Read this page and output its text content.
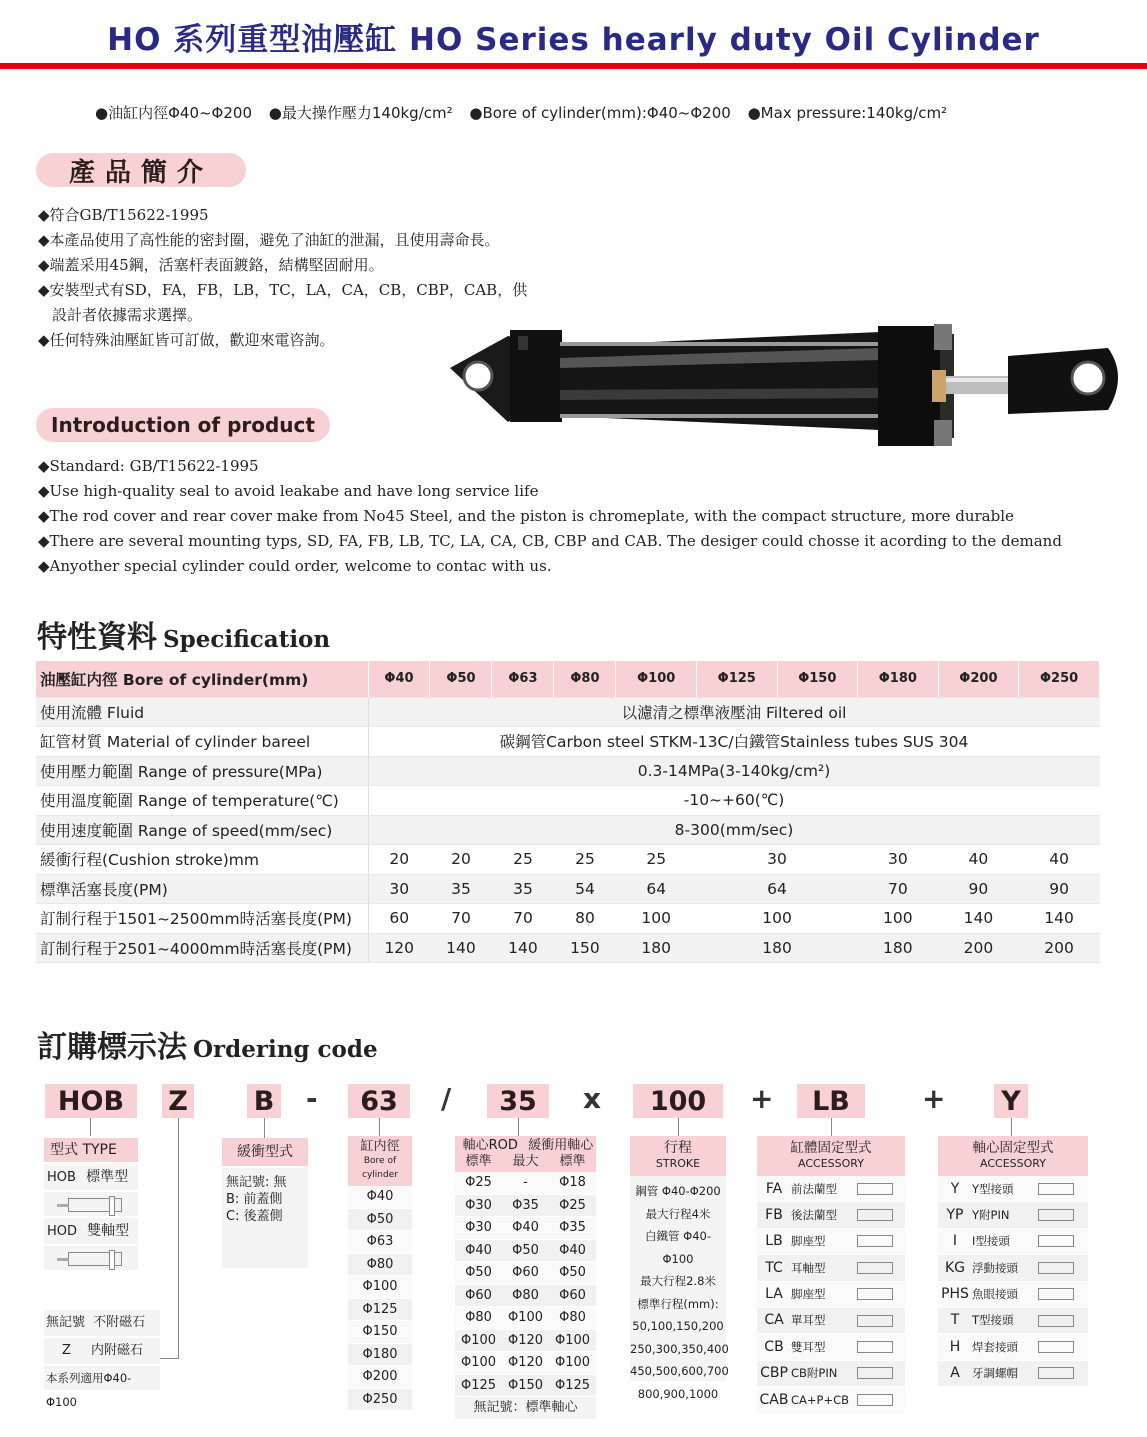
HO 系列重型油壓缸 HO Series hearly duty Oil Cylinder
●油缸内徑Φ40~Φ200 ●最大操作壓力140kg/cm² ●Bore of cylinder(mm):Φ40~Φ200 ●Max pressure:140kg/cm²
產品簡介
◆符合GB/T15622-1995
◆本產品使用了高性能的密封圈，避免了油缸的泄漏，且使用壽命長。
◆端蓋采用45鋼，活塞杆表面鍍鉻，結構堅固耐用。
◆安裝型式有SD，FA，FB，LB，TC，LA，CA，CB，CBP，CAB，供
設計者依據需求選擇。
◆任何特殊油壓缸皆可訂做，歡迎來電咨詢。
Introduction of product
◆Standard: GB/T15622-1995
◆Use high-quality seal to avoid leakabe and have long service life
◆The rod cover and rear cover make from No45 Steel, and the piston is chromeplate, with the compact structure, more durable
◆There are several mounting typs, SD, FA, FB, LB, TC, LA, CA, CB, CBP and CAB. The desiger could chosse it acording to the demand
◆Anyother special cylinder could order, welcome to contac with us.
特性資料 Specification
油壓缸内徑 Bore of cylinder(mm)	Φ40	Φ50	Φ63	Φ80	Φ100	Φ125	Φ150	Φ180	Φ200	Φ250
使用流體 Fluid	以濾清之標準液壓油 Filtered oil									
缸管材質 Material of cylinder bareel	碳鋼管Carbon steel STKM-13C/白鐵管Stainless tubes SUS 304									
使用壓力範圍 Range of pressure(MPa)	0.3-14MPa(3-140kg/cm²)									
使用溫度範圍 Range of temperature(℃)	-10~+60(℃)									
使用速度範圍 Range of speed(mm/sec)	8-300(mm/sec)									
緩衝行程(Cushion stroke)mm	20	20	25	25	25	30		30	40	40
標準活塞長度(PM)	30	35	35	54	64	64		70	90	90
訂制行程于1501~2500mm時活塞長度(PM)	60	70	70	80	100	100		100	140	140
訂制行程于2501~4000mm時活塞長度(PM)	120	140	140	150	180	180		180	200	200
訂購標示法 Ordering code
HOB	Z B -	63	/	35	x	100	+	LB	+ Y
型式 TYPE
HOB 標準型
HOD 雙軸型
無記號 不附磁石
Z 内附磁石
本系列適用Φ40-Φ100
緩衝型式
無記號: 無
B: 前蓋側
C: 後蓋側
缸内徑
Bore of cylinder
Φ40
Φ50
Φ63
Φ80
Φ100
Φ125
Φ150
Φ180
Φ200
Φ250
軸心ROD 緩衝用軸心
標準	最大	標準
Φ25	-	Φ18
Φ30	Φ35	Φ25
Φ30	Φ40	Φ35
Φ40	Φ50	Φ40
Φ50	Φ60	Φ50
Φ60	Φ80	Φ60
Φ80	Φ100	Φ80
Φ100 Φ120 Φ100
Φ100 Φ120 Φ100
Φ125 Φ150 Φ125
無記號：標準軸心
行程
STROKE
鋼管 Φ40-Φ200
最大行程4米
白鐵管 Φ40-Φ100
最大行程2.8米
標準行程(mm):
50,100,150,200
250,300,350,400
450,500,600,700
800,900,1000
缸體固定型式
ACCESSORY
FA 前法蘭型
FB 後法蘭型
LB 脚座型
TC 耳軸型
LA 脚座型
CA 單耳型
CB 雙耳型
CBP CB附PIN
CAB CA+P+CB
軸心固定型式
ACCESSORY
Y	Y型接頭
YP Y附PIN
I	I型接頭
KG 浮動接頭
PHS 魚眼接頭
T	T型接頭
H	焊套接頭
A	牙調螺帽
